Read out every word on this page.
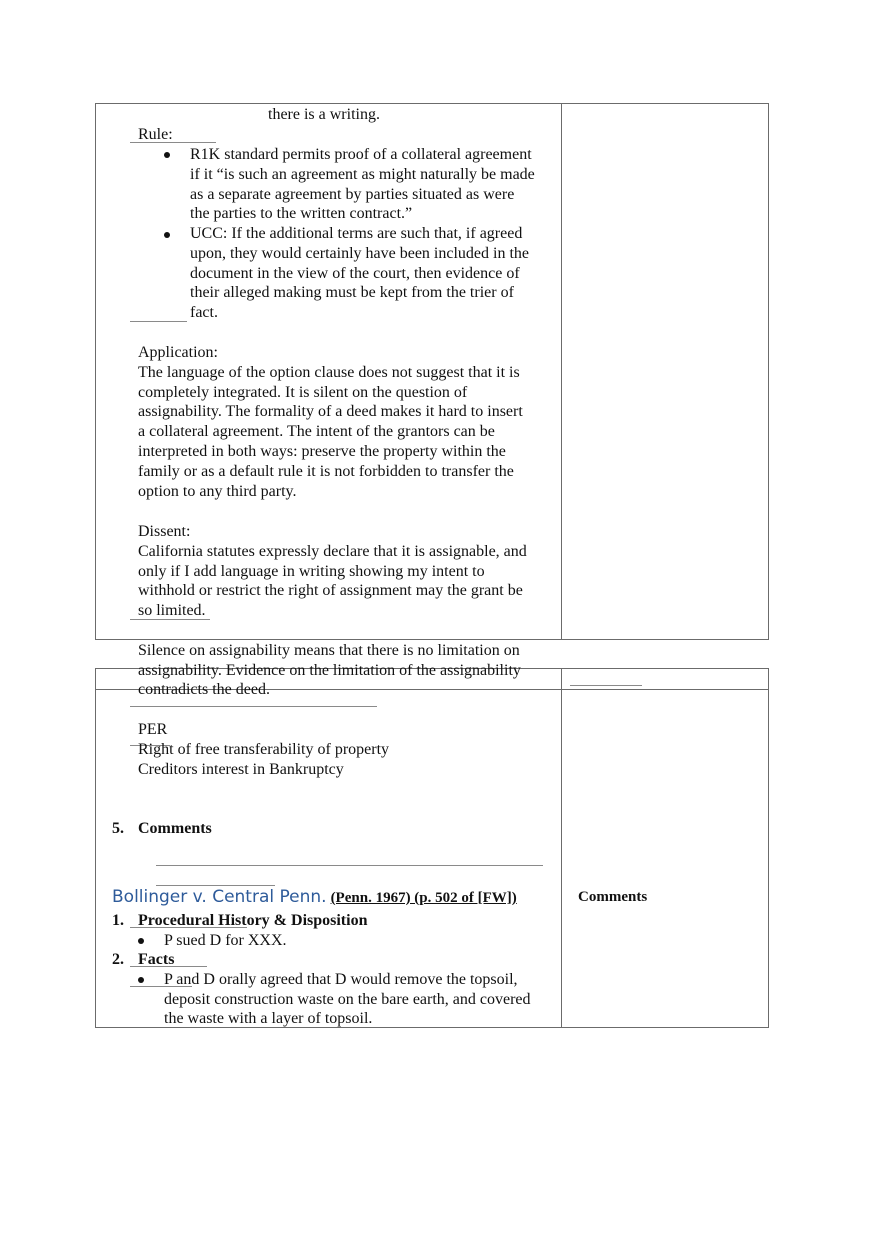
there is a writing.
Rule:
R1K standard permits proof of a collateral agreement
if it “is such an agreement as might naturally be made
as a separate agreement by parties situated as were
the parties to the written contract.”
UCC: If the additional terms are such that, if agreed
upon, they would certainly have been included in the
document in the view of the court, then evidence of
their alleged making must be kept from the trier of
fact.
Application:
The language of the option clause does not suggest that it is
completely integrated. It is silent on the question of
assignability. The formality of a deed makes it hard to insert
a collateral agreement. The intent of the grantors can be
interpreted in both ways: preserve the property within the
family or as a default rule it is not forbidden to transfer the
option to any third party.
Dissent:
California statutes expressly declare that it is assignable, and
only if I add language in writing showing my intent to
withhold or restrict the right of assignment may the grant be
so limited.
Silence on assignability means that there is no limitation on
assignability. Evidence on the limitation of the assignability
contradicts the deed.
PER
Right of free transferability of property
Creditors interest in Bankruptcy
5. Comments
Bollinger v. Central Penn. (Penn. 1967) (p. 502 of [FW])	Comments
1. Procedural History & Disposition
P sued D for XXX.
2. Facts
P and D orally agreed that D would remove the topsoil,
deposit construction waste on the bare earth, and covered
the waste with a layer of topsoil.
